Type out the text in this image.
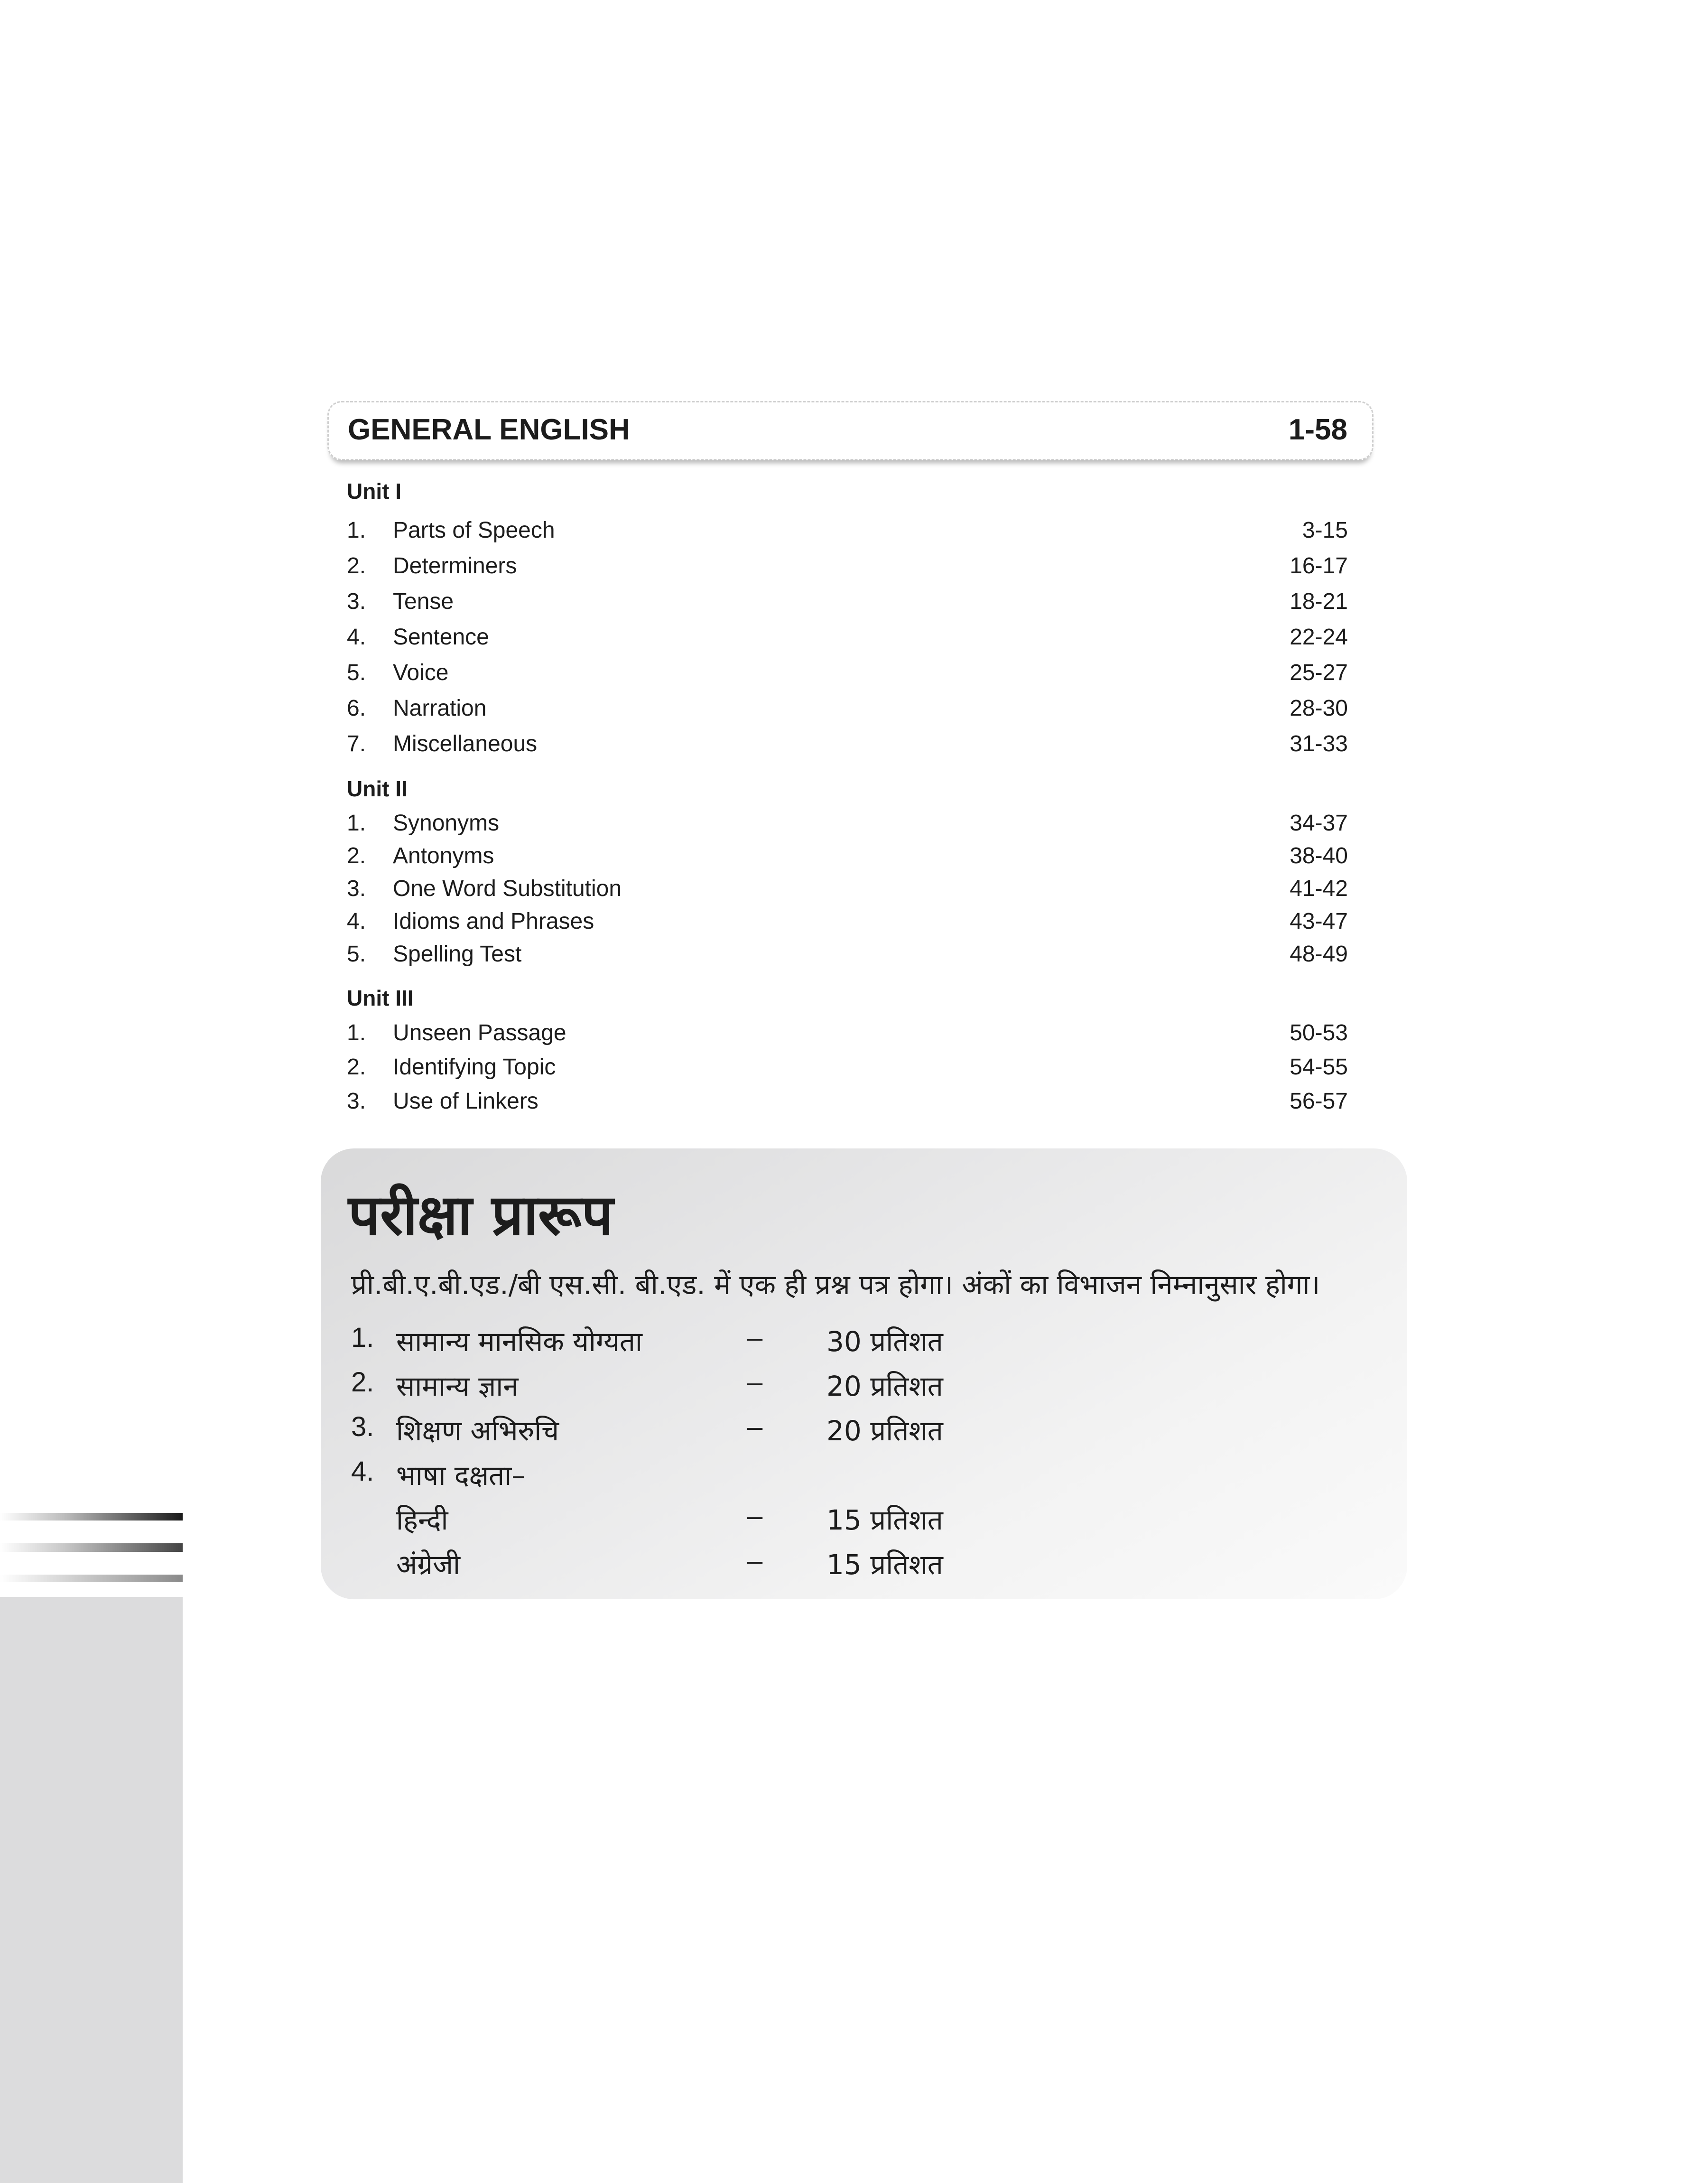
GENERAL ENGLISH	1-58
Unit I
1. Parts of Speech	3-15
2. Determiners	16-17
3. Tense	18-21
4. Sentence	22-24
5. Voice	25-27
6. Narration	28-30
7. Miscellaneous	31-33
Unit II
1. Synonyms	34-37
2. Antonyms	38-40
3. One Word Substitution	41-42
4. Idioms and Phrases	43-47
5. Spelling Test	48-49
Unit III
1. Unseen Passage	50-53
2. Identifying Topic	54-55
3. Use of Linkers	56-57
परीक्षा प्रारूप
प्री.बी.ए.बी.एड./बी एस.सी. बी.एड. में एक ही प्रश्न पत्र होगा। अंकों का विभाजन निम्नानुसार होगा।
1. सामान्य मानसिक योग्यता	– 30 प्रतिशत
2. सामान्य ज्ञान	– 20 प्रतिशत
3. शिक्षण अभिरुचि	– 20 प्रतिशत
4. भाषा दक्षता–
हिन्दी	– 15 प्रतिशत
अंग्रेजी	– 15 प्रतिशत
